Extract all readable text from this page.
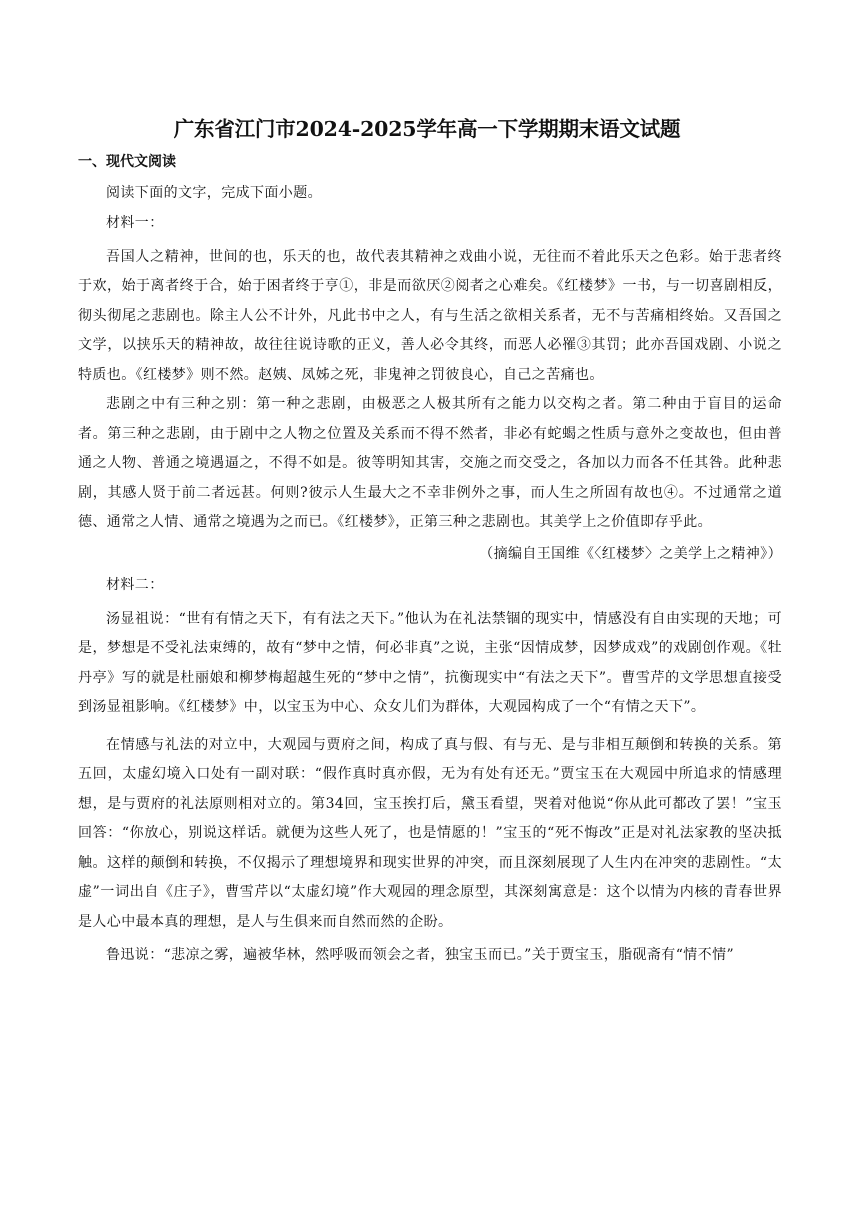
广东省江门市2024-2025学年高一下学期期末语文试题
一、现代文阅读

阅读下面的文字，完成下面小题。

材料一：

吾国人之精神，世间的也，乐天的也，故代表其精神之戏曲小说，无往而不着此乐天之色彩。始于悲者终于欢，始于离者终于合，始于困者终于亨①，非是而欲厌②阅者之心难矣。《红楼梦》一书，与一切喜剧相反，彻头彻尾之悲剧也。除主人公不计外，凡此书中之人，有与生活之欲相关系者，无不与苦痛相终始。又吾国之文学，以挟乐天的精神故，故往往说诗歌的正义，善人必令其终，而恶人必罹③其罚；此亦吾国戏剧、小说之特质也。《红楼梦》则不然。赵姨、凤姊之死，非鬼神之罚彼良心，自己之苦痛也。

悲剧之中有三种之别：第一种之悲剧，由极恶之人极其所有之能力以交构之者。第二种由于盲目的运命者。第三种之悲剧，由于剧中之人物之位置及关系而不得不然者，非必有蛇蝎之性质与意外之变故也，但由普通之人物、普通之境遇逼之，不得不如是。彼等明知其害，交施之而交受之，各加以力而各不任其咎。此种悲剧，其感人贤于前二者远甚。何则?彼示人生最大之不幸非例外之事，而人生之所固有故也④。不过通常之道德、通常之人情、通常之境遇为之而已。《红楼梦》，正第三种之悲剧也。其美学上之价值即存乎此。

（摘编自王国维《〈红楼梦〉之美学上之精神》）

材料二：

汤显祖说：“世有有情之天下，有有法之天下。”他认为在礼法禁锢的现实中，情感没有自由实现的天地；可是，梦想是不受礼法束缚的，故有“梦中之情，何必非真”之说，主张“因情成梦，因梦成戏”的戏剧创作观。《牡丹亭》写的就是杜丽娘和柳梦梅超越生死的“梦中之情”，抗衡现实中“有法之天下”。曹雪芹的文学思想直接受到汤显祖影响。《红楼梦》中，以宝玉为中心、众女儿们为群体，大观园构成了一个“有情之天下”。

在情感与礼法的对立中，大观园与贾府之间，构成了真与假、有与无、是与非相互颠倒和转换的关系。第五回，太虚幻境入口处有一副对联：“假作真时真亦假，无为有处有还无。”贾宝玉在大观园中所追求的情感理想，是与贾府的礼法原则相对立的。第34回，宝玉挨打后，黛玉看望，哭着对他说“你从此可都改了罢！”宝玉回答：“你放心，别说这样话。就便为这些人死了，也是情愿的！”宝玉的“死不悔改”正是对礼法家教的坚决抵触。这样的颠倒和转换，不仅揭示了理想境界和现实世界的冲突，而且深刻展现了人生内在冲突的悲剧性。“太虚”一词出自《庄子》，曹雪芹以“太虚幻境”作大观园的理念原型，其深刻寓意是：这个以情为内核的青春世界是人心中最本真的理想，是人与生俱来而自然而然的企盼。

鲁迅说：“悲凉之雾，遍被华林，然呼吸而领会之者，独宝玉而已。”关于贾宝玉，脂砚斋有“情不情”
